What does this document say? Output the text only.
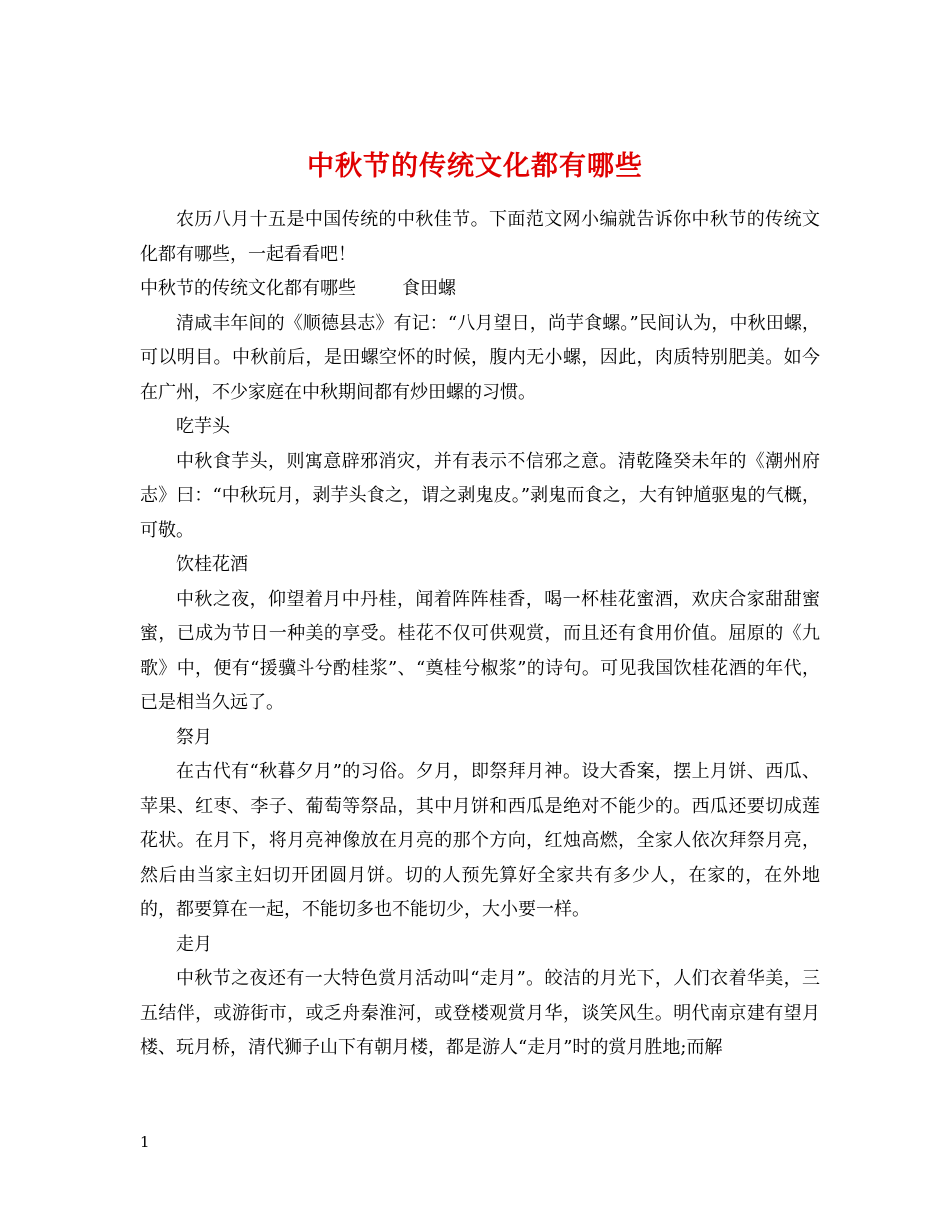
中秋节的传统文化都有哪些

农历八月十五是中国传统的中秋佳节。下面范文网小编就告诉你中秋节的传统文化都有哪些，一起看看吧！

中秋节的传统文化都有哪些	食田螺

清咸丰年间的《顺德县志》有记：“八月望日，尚芋食螺。”民间认为，中秋田螺，可以明目。中秋前后，是田螺空怀的时候，腹内无小螺，因此，肉质特别肥美。如今在广州，不少家庭在中秋期间都有炒田螺的习惯。

吃芋头

中秋食芋头，则寓意辟邪消灾，并有表示不信邪之意。清乾隆癸未年的《潮州府志》曰：“中秋玩月，剥芋头食之，谓之剥鬼皮。”剥鬼而食之，大有钟馗驱鬼的气概，可敬。

饮桂花酒

中秋之夜，仰望着月中丹桂，闻着阵阵桂香，喝一杯桂花蜜酒，欢庆合家甜甜蜜蜜，已成为节日一种美的享受。桂花不仅可供观赏，而且还有食用价值。屈原的《九歌》中，便有“援骥斗兮酌桂浆”、“奠桂兮椒浆”的诗句。可见我国饮桂花酒的年代，已是相当久远了。

祭月

在古代有“秋暮夕月”的习俗。夕月，即祭拜月神。设大香案，摆上月饼、西瓜、苹果、红枣、李子、葡萄等祭品，其中月饼和西瓜是绝对不能少的。西瓜还要切成莲花状。在月下，将月亮神像放在月亮的那个方向，红烛高燃，全家人依次拜祭月亮，然后由当家主妇切开团圆月饼。切的人预先算好全家共有多少人，在家的，在外地的，都要算在一起，不能切多也不能切少，大小要一样。

走月

中秋节之夜还有一大特色赏月活动叫“走月”。皎洁的月光下，人们衣着华美，三五结伴，或游街市，或乏舟秦淮河，或登楼观赏月华，谈笑风生。明代南京建有望月楼、玩月桥，清代狮子山下有朝月楼，都是游人“走月”时的赏月胜地;而解

1
